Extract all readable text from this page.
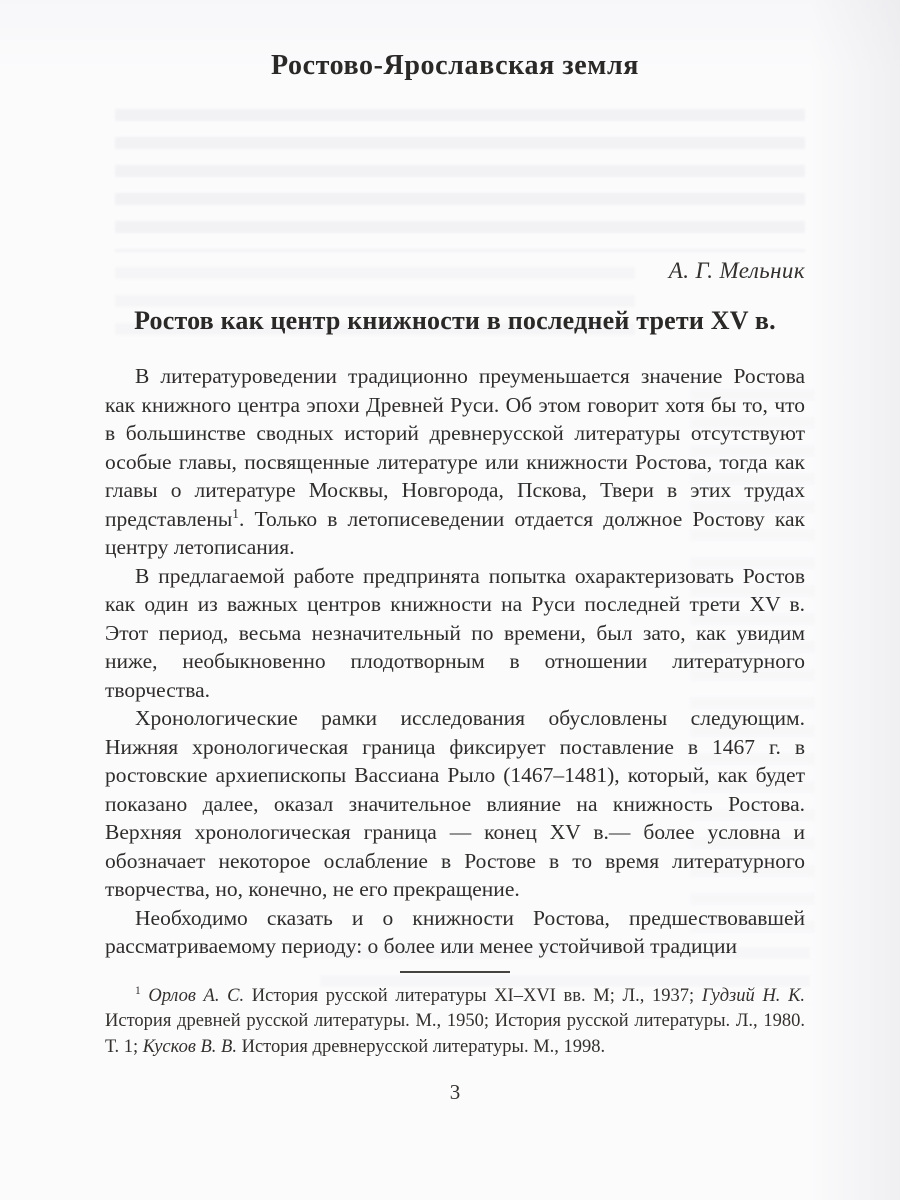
Ростово-Ярославская земля
А. Г. Мельник
Ростов как центр книжности в последней трети XV в.

В литературоведении традиционно преуменьшается значение Ростова как книжного центра эпохи Древней Руси. Об этом говорит хотя бы то, что в большинстве сводных историй древнерусской литературы отсутствуют особые главы, посвященные литературе или книжности Ростова, тогда как главы о литературе Москвы, Новгорода, Пскова, Твери в этих трудах представлены$^1$. Только в летописеведении отдается должное Ростову как центру летописания.

В предлагаемой работе предпринята попытка охарактеризовать Ростов как один из важных центров книжности на Руси последней трети XV в. Этот период, весьма незначительный по времени, был зато, как увидим ниже, необыкновенно плодотворным в отношении литературного творчества.

Хронологические рамки исследования обусловлены следующим. Нижняя хронологическая граница фиксирует поставление в 1467 г. в ростовские архиепископы Вассиана Рыло (1467–1481), который, как будет показано далее, оказал значительное влияние на книжность Ростова. Верхняя хронологическая граница — конец XV в.— более условна и обозначает некоторое ослабление в Ростове в то время литературного творчества, но, конечно, не его прекращение.

Необходимо сказать и о книжности Ростова, предшествовавшей рассматриваемому периоду: о более или менее устойчивой традиции

$^1$ Орлов А. С. История русской литературы XI–XVI вв. М; Л., 1937; Гудзий Н. К. История древней русской литературы. М., 1950; История русской литературы. Л., 1980. Т. 1; Кусков В. В. История древнерусской литературы. М., 1998.
3
